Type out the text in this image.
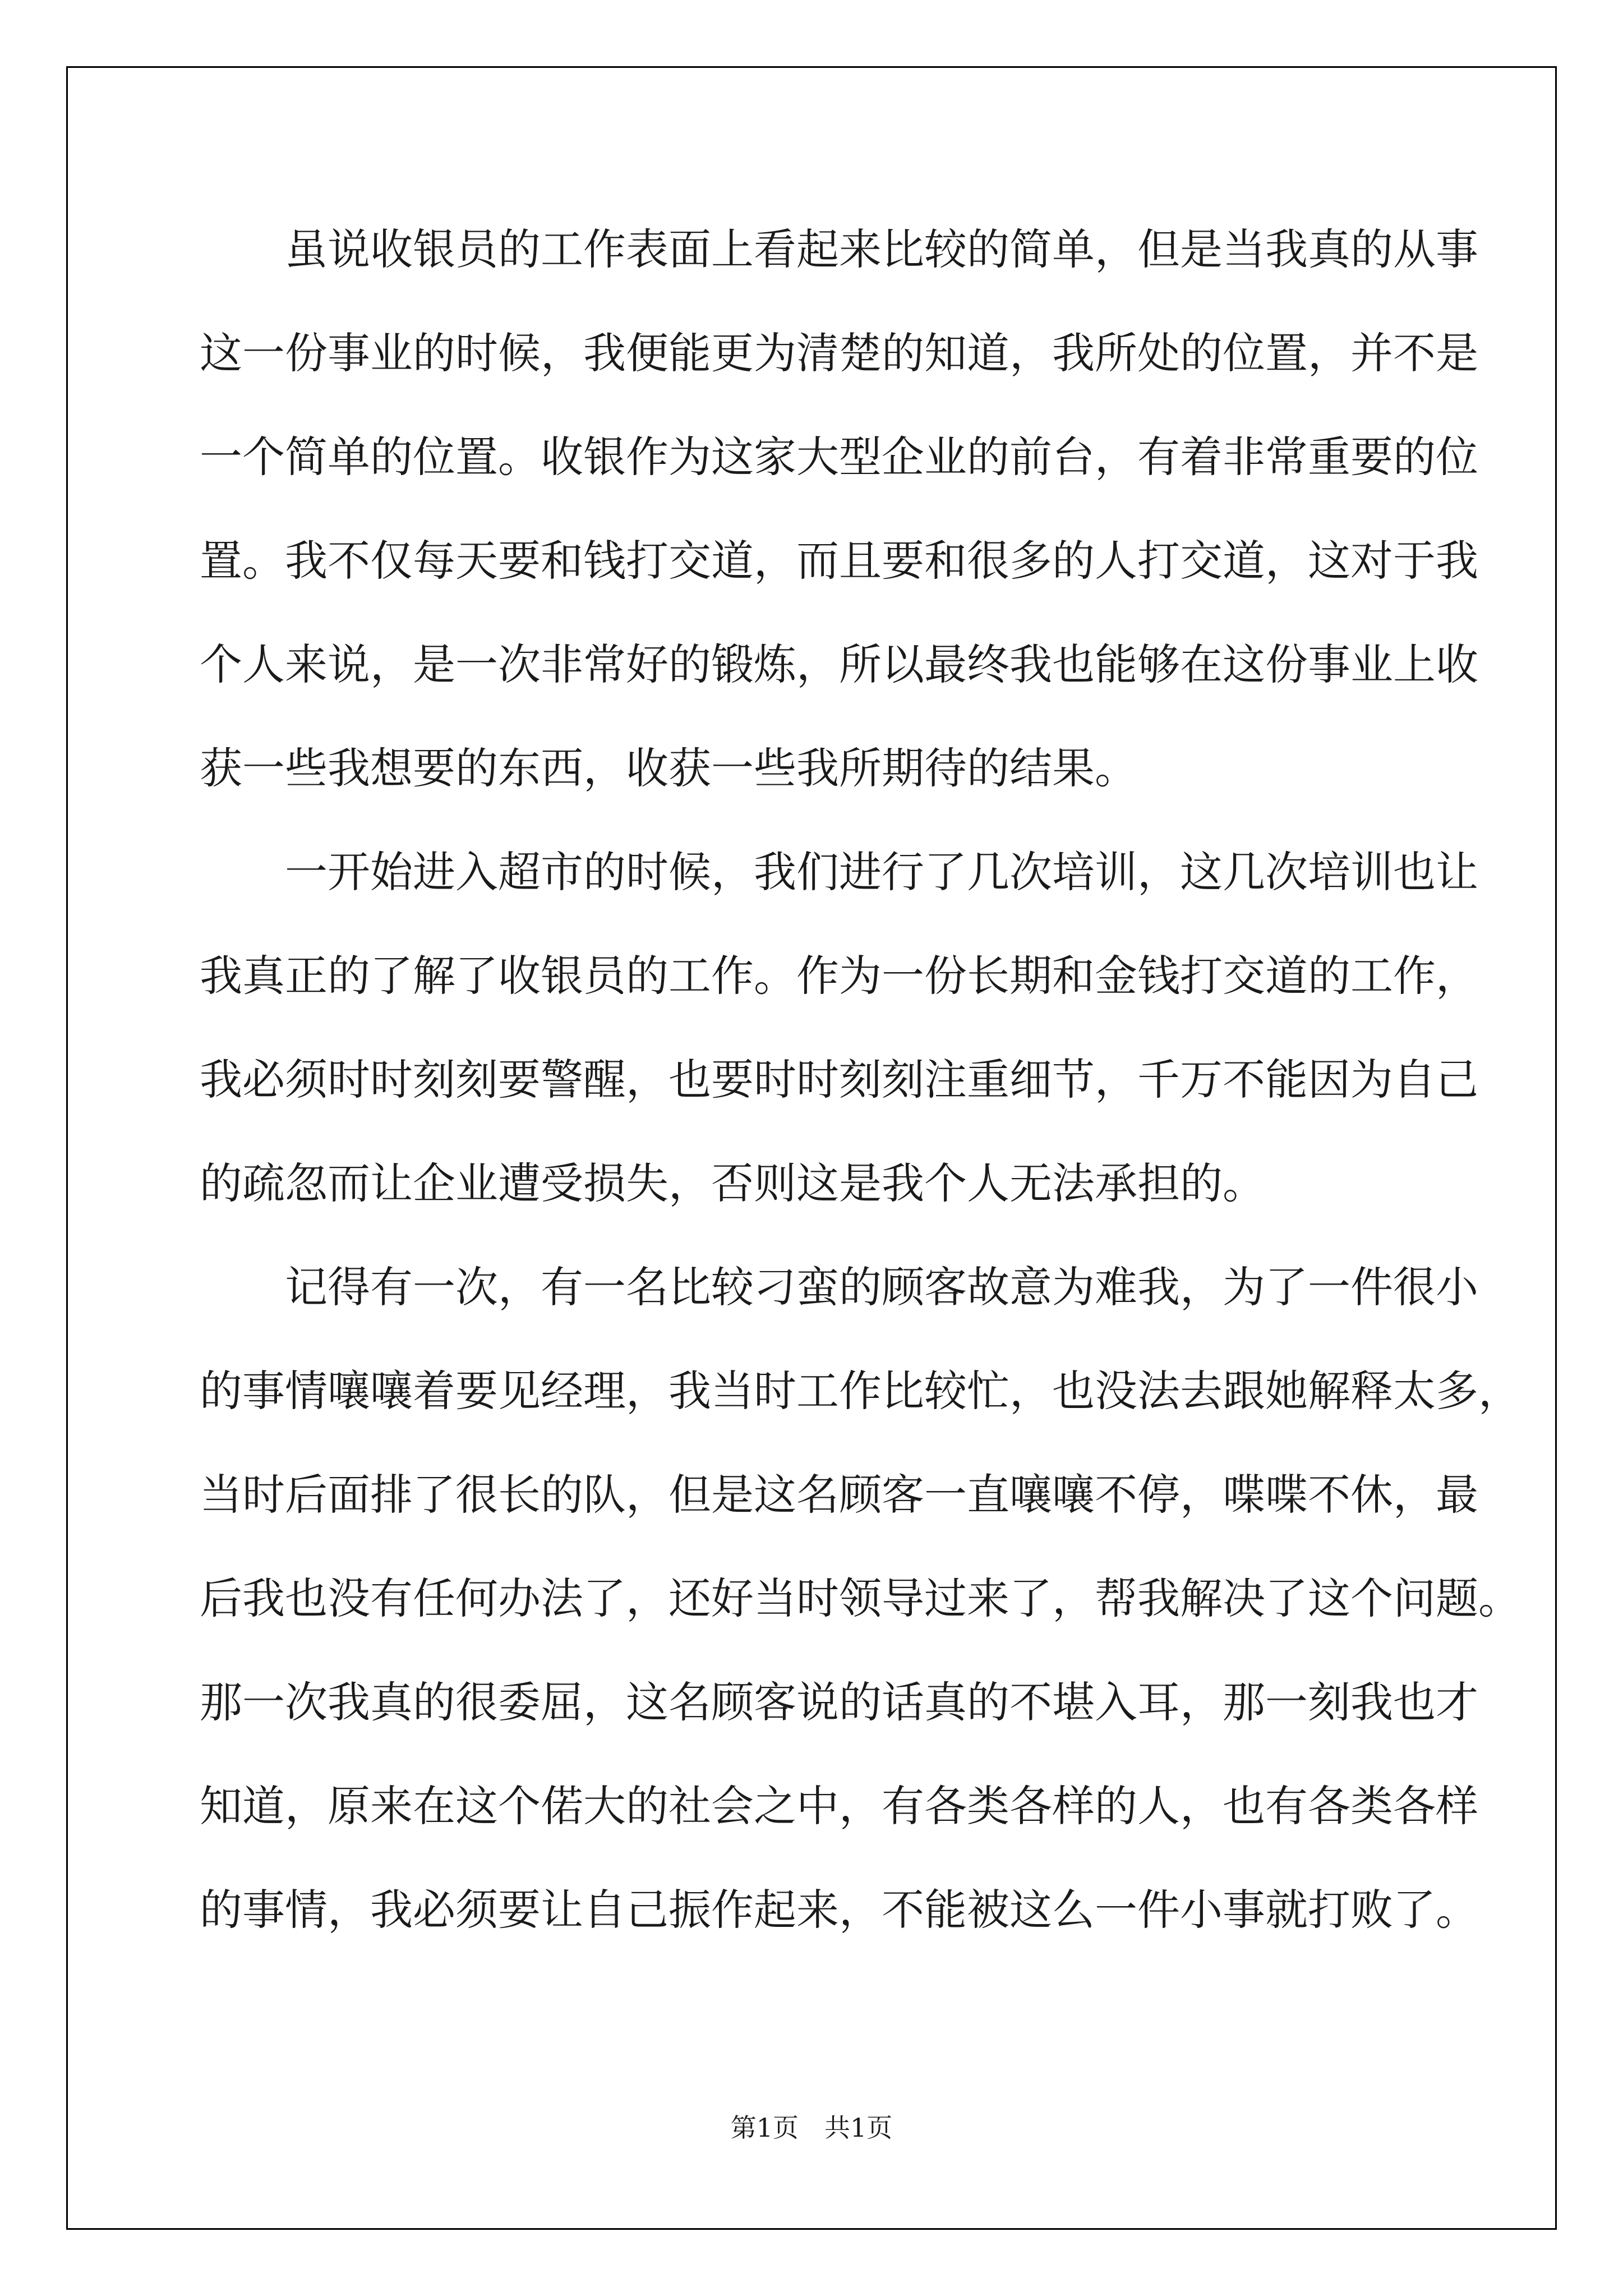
虽说收银员的工作表面上看起来比较的简单，但是当我真的从事
这一份事业的时候，我便能更为清楚的知道，我所处的位置，并不是
一个简单的位置。收银作为这家大型企业的前台，有着非常重要的位
置。我不仅每天要和钱打交道，而且要和很多的人打交道，这对于我
个人来说，是一次非常好的锻炼，所以最终我也能够在这份事业上收
获一些我想要的东西，收获一些我所期待的结果。
一开始进入超市的时候，我们进行了几次培训，这几次培训也让
我真正的了解了收银员的工作。作为一份长期和金钱打交道的工作，
我必须时时刻刻要警醒，也要时时刻刻注重细节，千万不能因为自己
的疏忽而让企业遭受损失，否则这是我个人无法承担的。
记得有一次，有一名比较刁蛮的顾客故意为难我，为了一件很小
的事情嚷嚷着要见经理，我当时工作比较忙，也没法去跟她解释太多，
当时后面排了很长的队，但是这名顾客一直嚷嚷不停，喋喋不休，最
后我也没有任何办法了，还好当时领导过来了，帮我解决了这个问题。
那一次我真的很委屈，这名顾客说的话真的不堪入耳，那一刻我也才
知道，原来在这个偌大的社会之中，有各类各样的人，也有各类各样
的事情，我必须要让自己振作起来，不能被这么一件小事就打败了。
第1页 共1页
